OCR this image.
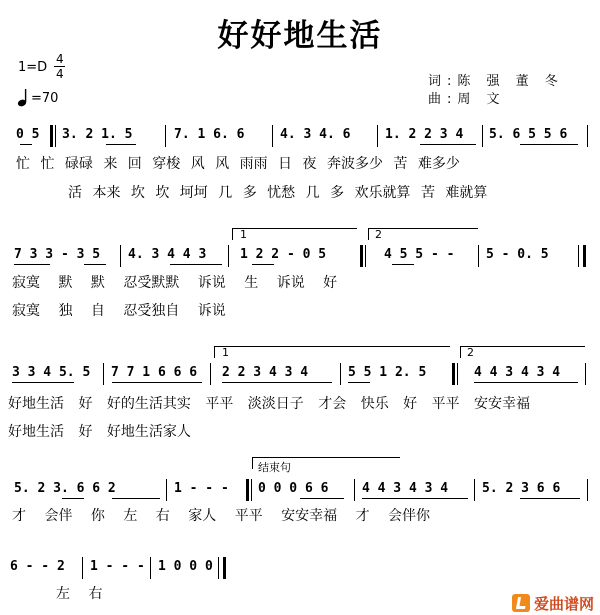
好好地生活
1=D
4
4
=70
词:陈 强 董 冬
曲:周 文
0 5 3. 2 1. 5	7. 1 6. 6	4. 3 4. 6	1. 2 2 3 4 5. 6 5 5 6
忙 忙 碌碌 来 回 穿梭 风 风 雨雨 日 夜 奔波多少 苦 难多少
活 本来 坎 坎 坷坷 几 多 忧愁 几 多 欢乐就算 苦 难就算
7 3 3 - 3 5 4. 3 4 4 3
1
1 2 2 - 0 5
2
4 5 5 - - 5 - 0. 5
寂寞 默 默 忍受默默 诉说 生 诉说 好
寂寞 独 自 忍受独自 诉说
3 3 4 5. 5 7 7 1 6 6 6
1
2 2 3 4 3 4	5 5 1 2. 5
2
4 4 3 4 3 4
好地生活 好 好的生活其实 平平 淡淡日子 才会 快乐 好 平平 安安幸福
好地生活 好 好地生活家人
结束句
5. 2 3. 6 6 2	1 - - - 0 0 0 6 6	4 4 3 4 3 4	5. 2 3 6 6
才 会伴 你 左 右 家人 平平 安安幸福 才 会伴你
6 - - 2 1 - - - 1 0 0 0
左 右
爱曲谱网
